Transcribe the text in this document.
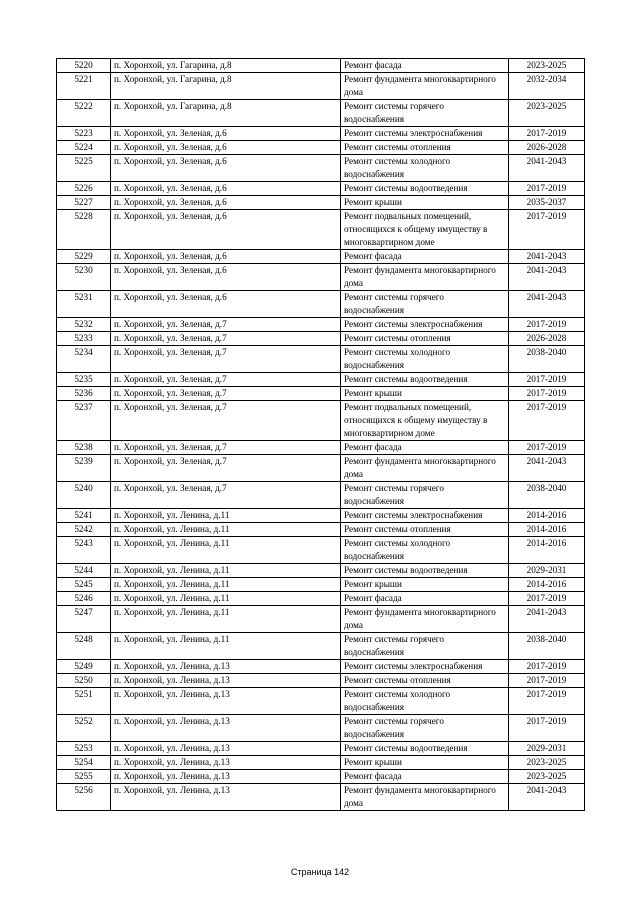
5220	п. Хоронхой, ул. Гагарина, д.8	Ремонт фасада	2023-2025
5221	п. Хоронхой, ул. Гагарина, д.8	Ремонт фундамента многоквартирного дома	2032-2034
5222	п. Хоронхой, ул. Гагарина, д.8	Ремонт системы горячего водоснабжения	2023-2025
5223	п. Хоронхой, ул. Зеленая, д.6	Ремонт системы электроснабжения	2017-2019
5224	п. Хоронхой, ул. Зеленая, д.6	Ремонт системы отопления	2026-2028
5225	п. Хоронхой, ул. Зеленая, д.6	Ремонт системы холодного водоснабжения	2041-2043
5226	п. Хоронхой, ул. Зеленая, д.6	Ремонт системы водоотведения	2017-2019
5227	п. Хоронхой, ул. Зеленая, д.6	Ремонт крыши	2035-2037
5228	п. Хоронхой, ул. Зеленая, д.6	Ремонт подвальных помещений, относящихся к общему имуществу в многоквартирном доме	2017-2019
5229	п. Хоронхой, ул. Зеленая, д.6	Ремонт фасада	2041-2043
5230	п. Хоронхой, ул. Зеленая, д.6	Ремонт фундамента многоквартирного дома	2041-2043
5231	п. Хоронхой, ул. Зеленая, д.6	Ремонт системы горячего водоснабжения	2041-2043
5232	п. Хоронхой, ул. Зеленая, д.7	Ремонт системы электроснабжения	2017-2019
5233	п. Хоронхой, ул. Зеленая, д.7	Ремонт системы отопления	2026-2028
5234	п. Хоронхой, ул. Зеленая, д.7	Ремонт системы холодного водоснабжения	2038-2040
5235	п. Хоронхой, ул. Зеленая, д.7	Ремонт системы водоотведения	2017-2019
5236	п. Хоронхой, ул. Зеленая, д.7	Ремонт крыши	2017-2019
5237	п. Хоронхой, ул. Зеленая, д.7	Ремонт подвальных помещений, относящихся к общему имуществу в многоквартирном доме	2017-2019
5238	п. Хоронхой, ул. Зеленая, д.7	Ремонт фасада	2017-2019
5239	п. Хоронхой, ул. Зеленая, д.7	Ремонт фундамента многоквартирного дома	2041-2043
5240	п. Хоронхой, ул. Зеленая, д.7	Ремонт системы горячего водоснабжения	2038-2040
5241	п. Хоронхой, ул. Ленина, д.11	Ремонт системы электроснабжения	2014-2016
5242	п. Хоронхой, ул. Ленина, д.11	Ремонт системы отопления	2014-2016
5243	п. Хоронхой, ул. Ленина, д.11	Ремонт системы холодного водоснабжения	2014-2016
5244	п. Хоронхой, ул. Ленина, д.11	Ремонт системы водоотведения	2029-2031
5245	п. Хоронхой, ул. Ленина, д.11	Ремонт крыши	2014-2016
5246	п. Хоронхой, ул. Ленина, д.11	Ремонт фасада	2017-2019
5247	п. Хоронхой, ул. Ленина, д.11	Ремонт фундамента многоквартирного дома	2041-2043
5248	п. Хоронхой, ул. Ленина, д.11	Ремонт системы горячего водоснабжения	2038-2040
5249	п. Хоронхой, ул. Ленина, д.13	Ремонт системы электроснабжения	2017-2019
5250	п. Хоронхой, ул. Ленина, д.13	Ремонт системы отопления	2017-2019
5251	п. Хоронхой, ул. Ленина, д.13	Ремонт системы холодного водоснабжения	2017-2019
5252	п. Хоронхой, ул. Ленина, д.13	Ремонт системы горячего водоснабжения	2017-2019
5253	п. Хоронхой, ул. Ленина, д.13	Ремонт системы водоотведения	2029-2031
5254	п. Хоронхой, ул. Ленина, д.13	Ремонт крыши	2023-2025
5255	п. Хоронхой, ул. Ленина, д.13	Ремонт фасада	2023-2025
5256	п. Хоронхой, ул. Ленина, д.13	Ремонт фундамента многоквартирного дома	2041-2043
Страница 142
